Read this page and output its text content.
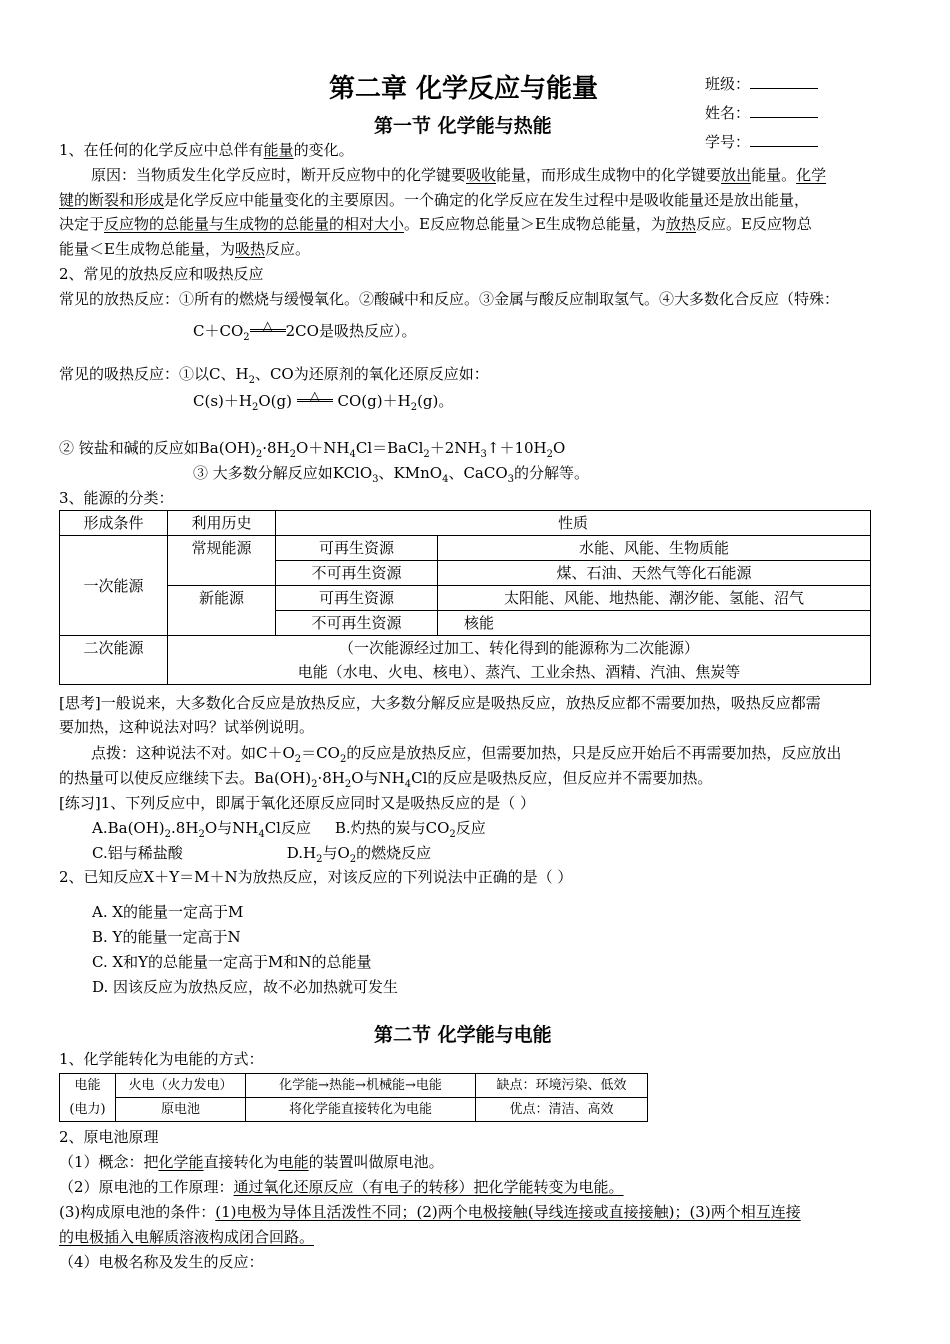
第二章 化学反应与能量	班级：
姓名：
学号：
第一节 化学能与热能
1、在任何的化学反应中总伴有能量的变化。
原因：当物质发生化学反应时，断开反应物中的化学键要吸收能量，而形成生成物中的化学键要放出能量。化学
键的断裂和形成是化学反应中能量变化的主要原因。一个确定的化学反应在发生过程中是吸收能量还是放出能量，
决定于反应物的总能量与生成物的总能量的相对大小。E反应物总能量＞E生成物总能量，为放热反应。E反应物总
能量＜E生成物总能量，为吸热反应。
2、常见的放热反应和吸热反应
常见的放热反应：①所有的燃烧与缓慢氧化。②酸碱中和反应。③金属与酸反应制取氢气。④大多数化合反应（特殊：
$C+CO_2$
△ 2CO是吸热反应）。
常见的吸热反应：①以C、$H_2$、CO为还原剂的氧化还原反应如：
$C(s)+H_2O(g)$ △ $CO(g)+H_2(g)$。
② 铵盐和碱的反应如$Ba(OH)_2\cdot 8H_2O+NH_4Cl=BaCl_2+2NH_3↑+10H_2O$
③ 大多数分解反应如KClO$_3$、KMnO$_4$、CaCO$_3$的分解等。
3、能源的分类：
形成条件	利用历史	性质	
一次能源	常规能源	可再生资源	水能、风能、生物质能
		不可再生资源	煤、石油、天然气等化石能源
	新能源	可再生资源	太阳能、风能、地热能、潮汐能、氢能、沼气
		不可再生资源	核能
二次能源	（一次能源经过加工、转化得到的能源称为二次能源）		
	电能（水电、火电、核电）、蒸汽、工业余热、酒精、汽油、焦炭等		
[思考]一般说来，大多数化合反应是放热反应，大多数分解反应是吸热反应，放热反应都不需要加热，吸热反应都需
要加热，这种说法对吗？试举例说明。
点拨：这种说法不对。如$C+O_2=CO_2$的反应是放热反应，但需要加热，只是反应开始后不再需要加热，反应放出
的热量可以使反应继续下去。$Ba(OH)_2\cdot 8H_2O$与$NH_4Cl$的反应是吸热反应，但反应并不需要加热。
[练习]1、下列反应中，即属于氧化还原反应同时又是吸热反应的是（ ）
$A.Ba(OH)_2.8H_2O$与$NH_4Cl$反应 B.灼热的炭与$CO_2$反应
C.铝与稀盐酸	$D.H_2$与$O_2$的燃烧反应
2、已知反应X＋Y＝M＋N为放热反应，对该反应的下列说法中正确的是（ ）
A. X的能量一定高于M
B. Y的能量一定高于N
C. X和Y的总能量一定高于M和N的总能量
D. 因该反应为放热反应，故不必加热就可发生
第二节 化学能与电能
1、化学能转化为电能的方式：
电能	火电（火力发电）	化学能→热能→机械能→电能	缺点：环境污染、低效
(电力)	原电池	将化学能直接转化为电能	优点：清洁、高效
2、原电池原理
（1）概念：把化学能直接转化为电能的装置叫做原电池。
（2）原电池的工作原理：通过氧化还原反应（有电子的转移）把化学能转变为电能。
(3)构成原电池的条件：(1)电极为导体且活泼性不同；(2)两个电极接触(导线连接或直接接触)；(3)两个相互连接
的电极插入电解质溶液构成闭合回路。
（4）电极名称及发生的反应：
